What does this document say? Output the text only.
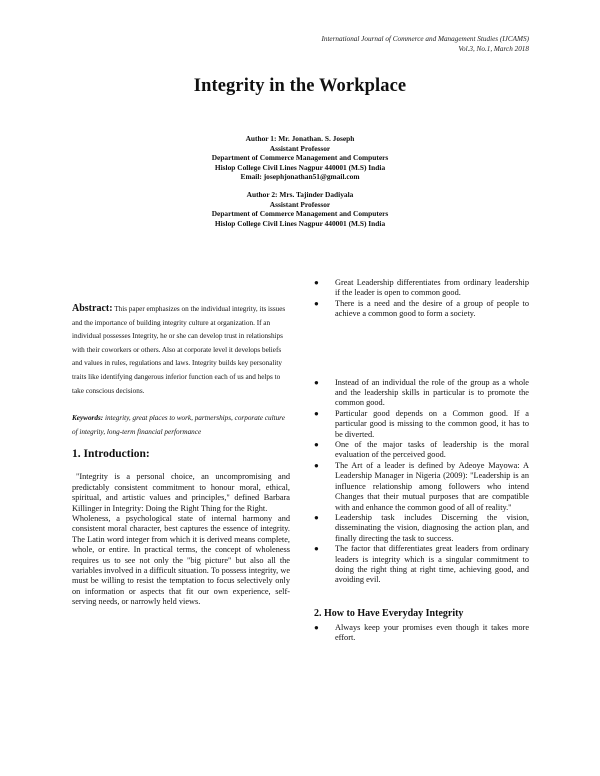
International Journal of Commerce and Management Studies (IJCAMS)
Vol.3, No.1, March 2018
Integrity in the Workplace
Author 1: Mr. Jonathan. S. Joseph
Assistant Professor
Department of Commerce Management and Computers
Hislop College Civil Lines Nagpur 440001 (M.S) India
Email: josephjonathan51@gmail.com
Author 2: Mrs. Tajinder Dadiyala
Assistant Professor
Department of Commerce Management and Computers
Hislop College Civil Lines Nagpur 440001 (M.S) India
Abstract: This paper emphasizes on the individual integrity, its issues and the importance of building integrity culture at organization. If an individual possesses Integrity, he or she can develop trust in relationships with their coworkers or others. Also at corporate level it develops beliefs and values in rules, regulations and laws. Integrity builds key personality traits like identifying dangerous inferior function each of us and helps to take conscious decisions.
Keywords: integrity, great places to work, partnerships, corporate culture of integrity, long-term financial performance
1. Introduction:

"Integrity is a personal choice, an uncompromising and predictably consistent commitment to honour moral, ethical, spiritual, and artistic values and principles," defined Barbara Killinger in Integrity: Doing the Right Thing for the Right.

Wholeness, a psychological state of internal harmony and consistent moral character, best captures the essence of integrity. The Latin word integer from which it is derived means complete, whole, or entire. In practical terms, the concept of wholeness requires us to see not only the "big picture" but also all the variables involved in a difficult situation. To possess integrity, we must be willing to resist the temptation to focus selectively only on information or aspects that fit our own experience, self-serving needs, or narrowly held views.

● Great Leadership differentiates from ordinary leadership if the leader is open to common good.
● There is a need and the desire of a group of people to achieve a common good to form a society.
● Instead of an individual the role of the group as a whole and the leadership skills in particular is to promote the common good.
● Particular good depends on a Common good. If a particular good is missing to the common good, it has to be diverted.
● One of the major tasks of leadership is the moral evaluation of the perceived good.
● The Art of a leader is defined by Adeoye Mayowa: A Leadership Manager in Nigeria (2009): "Leadership is an influence relationship among followers who intend Changes that their mutual purposes that are compatible with and enhance the common good of all of reality."
● Leadership task includes Discerning the vision, disseminating the vision, diagnosing the action plan, and finally directing the task to success.
● The factor that differentiates great leaders from ordinary leaders is integrity which is a singular commitment to doing the right thing at right time, achieving good, and avoiding evil.
2. How to Have Everyday Integrity
● Always keep your promises even though it takes more effort.
